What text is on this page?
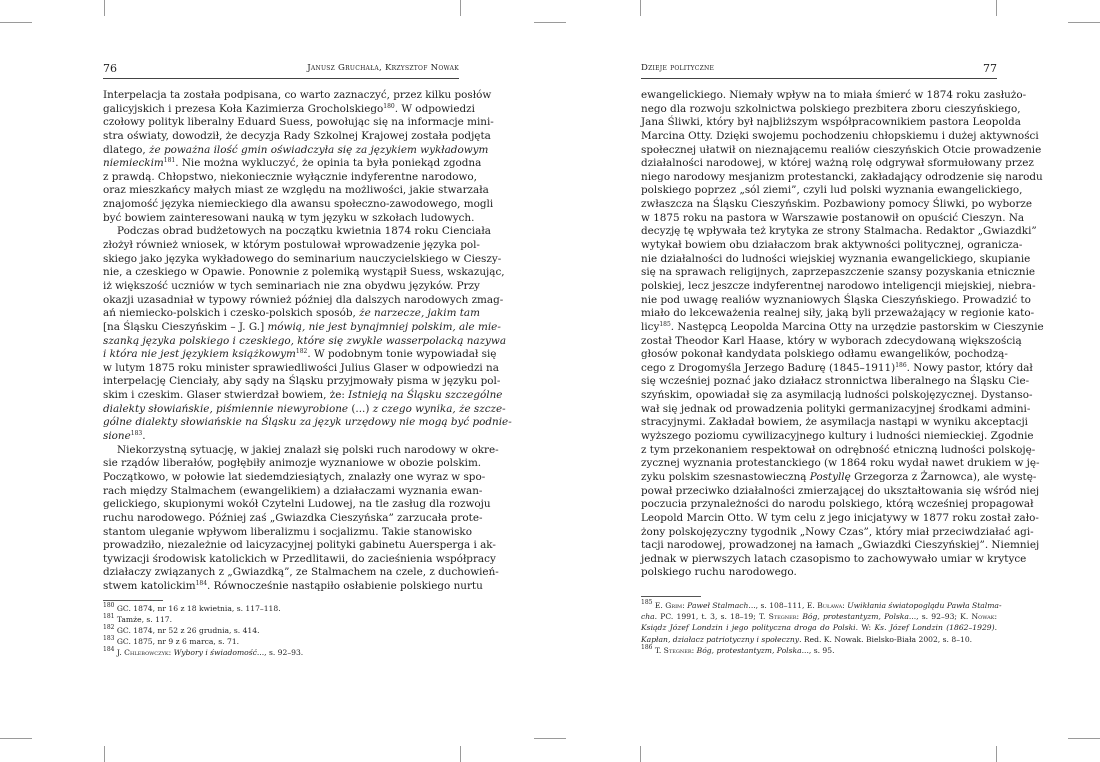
76	Janusz Gruchała, Krzysztof Nowak
Interpelacja ta została podpisana, co warto zaznaczyć, przez kilku posłów
galicyjskich i prezesa Koła Kazimierza Grocholskiego$^{180}$. W odpowiedzi
czołowy polityk liberalny Eduard Suess, powołując się na informacje mini-
stra oświaty, dowodził, że decyzja Rady Szkolnej Krajowej została podjęta
dlatego, że poważna ilość gmin oświadczyła się za językiem wykładowym
niemieckim$^{181}$. Nie można wykluczyć, że opinia ta była poniekąd zgodna
z prawdą. Chłopstwo, niekoniecznie wyłącznie indyferentne narodowo,
oraz mieszkańcy małych miast ze względu na możliwości, jakie stwarzała
znajomość języka niemieckiego dla awansu społeczno-zawodowego, mogli
być bowiem zainteresowani nauką w tym języku w szkołach ludowych.
Podczas obrad budżetowych na początku kwietnia 1874 roku Cienciała
złożył również wniosek, w którym postulował wprowadzenie języka pol-
skiego jako języka wykładowego do seminarium nauczycielskiego w Cieszy-
nie, a czeskiego w Opawie. Ponownie z polemiką wystąpił Suess, wskazując,
iż większość uczniów w tych seminariach nie zna obydwu języków. Przy
okazji uzasadniał w typowy również później dla dalszych narodowych zmag-
ań niemiecko-polskich i czesko-polskich sposób, że narzecze, jakim tam
[na Śląsku Cieszyńskim – J. G.] mówią, nie jest bynajmniej polskim, ale mie-
szanką języka polskiego i czeskiego, które się zwykle wasserpolacką nazywa
i która nie jest językiem książkowym$^{182}$. W podobnym tonie wypowiadał się
w lutym 1875 roku minister sprawiedliwości Julius Glaser w odpowiedzi na
interpelację Cienciały, aby sądy na Śląsku przyjmowały pisma w języku pol-
skim i czeskim. Glaser stwierdzał bowiem, że: Istnieją na Śląsku szczególne
dialekty słowiańskie, piśmiennie niewyrobione (...) z czego wynika, że szcze-
gólne dialekty słowiańskie na Śląsku za język urzędowy nie mogą być podnie-
sione$^{183}$.
Niekorzystną sytuację, w jakiej znalazł się polski ruch narodowy w okre-
sie rządów liberałów, pogłębiły animozje wyznaniowe w obozie polskim.
Początkowo, w połowie lat siedemdziesiątych, znalazły one wyraz w spo-
rach między Stalmachem (ewangelikiem) a działaczami wyznania ewan-
gelickiego, skupionymi wokół Czytelni Ludowej, na tle zasług dla rozwoju
ruchu narodowego. Później zaś „Gwiazdka Cieszyńska” zarzucała prote-
stantom uleganie wpływom liberalizmu i socjalizmu. Takie stanowisko
prowadziło, niezależnie od laicyzacyjnej polityki gabinetu Auersperga i ak-
tywizacji środowisk katolickich w Przedlitawii, do zacieśnienia współpracy
działaczy związanych z „Gwiazdką”, ze Stalmachem na czele, z duchowień-
stwem katolickim$^{184}$. Równocześnie nastąpiło osłabienie polskiego nurtu
$^{180}$ GC. 1874, nr 16 z 18 kwietnia, s. 117–118.
$^{181}$ Tamże, s. 117.
$^{182}$ GC. 1874, nr 52 z 26 grudnia, s. 414.
$^{183}$ GC. 1875, nr 9 z 6 marca, s. 71.
$^{184}$ J. Chlebowczyk: Wybory i świadomość..., s. 92–93.
Dzieje polityczne	77
ewangelickiego. Niemały wpływ na to miała śmierć w 1874 roku zasłużo-
nego dla rozwoju szkolnictwa polskiego prezbitera zboru cieszyńskiego,
Jana Śliwki, który był najbliższym współpracownikiem pastora Leopolda
Marcina Otty. Dzięki swojemu pochodzeniu chłopskiemu i dużej aktywności
społecznej ułatwił on nieznającemu realiów cieszyńskich Otcie prowadzenie
działalności narodowej, w której ważną rolę odgrywał sformułowany przez
niego narodowy mesjanizm protestancki, zakładający odrodzenie się narodu
polskiego poprzez „sól ziemi”, czyli lud polski wyznania ewangelickiego,
zwłaszcza na Śląsku Cieszyńskim. Pozbawiony pomocy Śliwki, po wyborze
w 1875 roku na pastora w Warszawie postanowił on opuścić Cieszyn. Na
decyzję tę wpływała też krytyka ze strony Stalmacha. Redaktor „Gwiazdki”
wytykał bowiem obu działaczom brak aktywności politycznej, ogranicza-
nie działalności do ludności wiejskiej wyznania ewangelickiego, skupianie
się na sprawach religijnych, zaprzepaszczenie szansy pozyskania etnicznie
polskiej, lecz jeszcze indyferentnej narodowo inteligencji miejskiej, niebra-
nie pod uwagę realiów wyznaniowych Śląska Cieszyńskiego. Prowadzić to
miało do lekceważenia realnej siły, jaką byli przeważający w regionie kato-
licy$^{185}$. Następcą Leopolda Marcina Otty na urzędzie pastorskim w Cieszynie
został Theodor Karl Haase, który w wyborach zdecydowaną większością
głosów pokonał kandydata polskiego odłamu ewangelików, pochodzą-
cego z Drogomyśla Jerzego Badurę (1845–1911)$^{186}$. Nowy pastor, który dał
się wcześniej poznać jako działacz stronnictwa liberalnego na Śląsku Cie-
szyńskim, opowiadał się za asymilacją ludności polskojęzycznej. Dystanso-
wał się jednak od prowadzenia polityki germanizacyjnej środkami admini-
stracyjnymi. Zakładał bowiem, że asymilacja nastąpi w wyniku akceptacji
wyższego poziomu cywilizacyjnego kultury i ludności niemieckiej. Zgodnie
z tym przekonaniem respektował on odrębność etniczną ludności polskoję-
zycznej wyznania protestanckiego (w 1864 roku wydał nawet drukiem w ję-
zyku polskim szesnastowieczną Postyllę Grzegorza z Żarnowca), ale wystę-
pował przeciwko działalności zmierzającej do ukształtowania się wśród niej
poczucia przynależności do narodu polskiego, którą wcześniej propagował
Leopold Marcin Otto. W tym celu z jego inicjatywy w 1877 roku został zało-
żony polskojęzyczny tygodnik „Nowy Czas”, który miał przeciwdziałać agi-
tacji narodowej, prowadzonej na łamach „Gwiazdki Cieszyńskiej”. Niemniej
jednak w pierwszych latach czasopismo to zachowywało umiar w krytyce
polskiego ruchu narodowego.
$^{185}$ E. Grim: Paweł Stalmach..., s. 108–111, E. Buława: Uwikłania światopoglądu Pawła Stalma-
cha. PC. 1991, t. 3, s. 18–19; T. Stegner: Bóg, protestantyzm, Polska..., s. 92–93; K. Nowak:
Ksiądz Józef Londzin i jego polityczna droga do Polski. W: Ks. Józef Londzin (1862–1929).
Kapłan, działacz patriotyczny i społeczny. Red. K. Nowak. Bielsko-Biała 2002, s. 8–10.
$^{186}$ T. Stegner: Bóg, protestantyzm, Polska..., s. 95.
